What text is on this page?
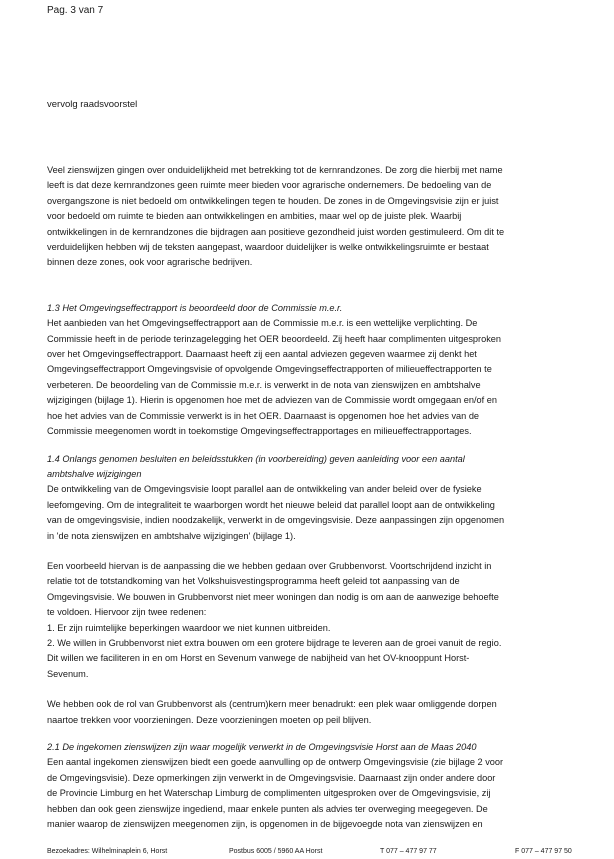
Pag. 3 van 7
vervolg raadsvoorstel

Veel zienswijzen gingen over onduidelijkheid met betrekking tot de kernrandzones. De zorg die hierbij met name
leeft is dat deze kernrandzones geen ruimte meer bieden voor agrarische ondernemers. De bedoeling van de
overgangszone is niet bedoeld om ontwikkelingen tegen te houden. De zones in de Omgevingsvisie zijn er juist
voor bedoeld om ruimte te bieden aan ontwikkelingen en ambities, maar wel op de juiste plek. Waarbij
ontwikkelingen in de kernrandzones die bijdragen aan positieve gezondheid juist worden gestimuleerd. Om dit te
verduidelijken hebben wij de teksten aangepast, waardoor duidelijker is welke ontwikkelingsruimte er bestaat
binnen deze zones, ook voor agrarische bedrijven.

1.3 Het Omgevingseffectrapport is beoordeeld door de Commissie m.e.r.

Het aanbieden van het Omgevingseffectrapport aan de Commissie m.e.r. is een wettelijke verplichting. De
Commissie heeft in de periode terinzagelegging het OER beoordeeld. Zij heeft haar complimenten uitgesproken
over het Omgevingseffectrapport. Daarnaast heeft zij een aantal adviezen gegeven waarmee zij denkt het
Omgevingseffectrapport Omgevingsvisie of opvolgende Omgevingseffectrapporten of milieueffectrapporten te
verbeteren. De beoordeling van de Commissie m.e.r. is verwerkt in de nota van zienswijzen en ambtshalve
wijzigingen (bijlage 1). Hierin is opgenomen hoe met de adviezen van de Commissie wordt omgegaan en/of en
hoe het advies van de Commissie verwerkt is in het OER. Daarnaast is opgenomen hoe het advies van de
Commissie meegenomen wordt in toekomstige Omgevingseffectrapportages en milieueffectrapportages.

1.4 Onlangs genomen besluiten en beleidsstukken (in voorbereiding) geven aanleiding voor een aantal
ambtshalve wijzigingen

De ontwikkeling van de Omgevingsvisie loopt parallel aan de ontwikkeling van ander beleid over de fysieke
leefomgeving. Om de integraliteit te waarborgen wordt het nieuwe beleid dat parallel loopt aan de ontwikkeling
van de omgevingsvisie, indien noodzakelijk, verwerkt in de omgevingsvisie. Deze aanpassingen zijn opgenomen
in 'de nota zienswijzen en ambtshalve wijzigingen' (bijlage 1).

Een voorbeeld hiervan is de aanpassing die we hebben gedaan over Grubbenvorst. Voortschrijdend inzicht in
relatie tot de totstandkoming van het Volkshuisvestingsprogramma heeft geleid tot aanpassing van de
Omgevingsvisie. We bouwen in Grubbenvorst niet meer woningen dan nodig is om aan de aanwezige behoefte
te voldoen. Hiervoor zijn twee redenen:
1. Er zijn ruimtelijke beperkingen waardoor we niet kunnen uitbreiden.
2. We willen in Grubbenvorst niet extra bouwen om een grotere bijdrage te leveren aan de groei vanuit de regio.
Dit willen we faciliteren in en om Horst en Sevenum vanwege de nabijheid van het OV-knooppunt Horst-
Sevenum.

We hebben ook de rol van Grubbenvorst als (centrum)kern meer benadrukt: een plek waar omliggende dorpen
naartoe trekken voor voorzieningen. Deze voorzieningen moeten op peil blijven.

2.1 De ingekomen zienswijzen zijn waar mogelijk verwerkt in de Omgevingsvisie Horst aan de Maas 2040

Een aantal ingekomen zienswijzen biedt een goede aanvulling op de ontwerp Omgevingsvisie (zie bijlage 2 voor
de Omgevingsvisie). Deze opmerkingen zijn verwerkt in de Omgevingsvisie. Daarnaast zijn onder andere door
de Provincie Limburg en het Waterschap Limburg de complimenten uitgesproken over de Omgevingsvisie, zij
hebben dan ook geen zienswijze ingediend, maar enkele punten als advies ter overweging meegegeven. De
manier waarop de zienswijzen meegenomen zijn, is opgenomen in de bijgevoegde nota van zienswijzen en

Bezoekadres: Wilhelminaplein 6, Horst	Postbus 6005 / 5960 AA Horst	T 077 – 477 97 77	F 077 – 477 97 50
